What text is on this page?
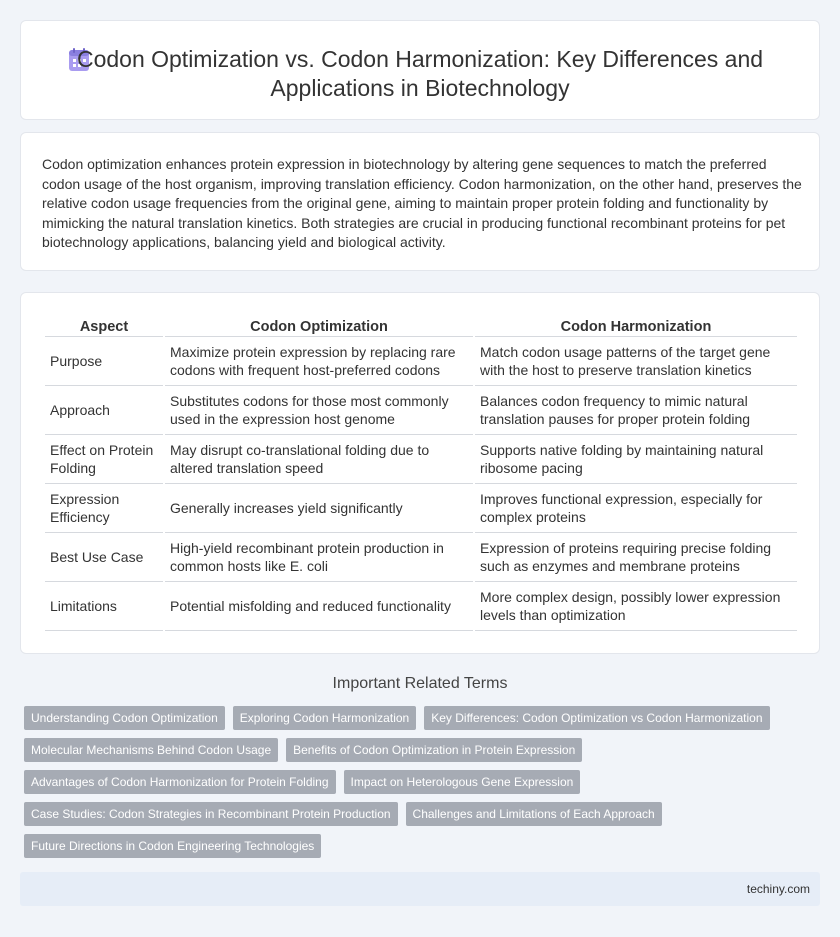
Codon Optimization vs. Codon Harmonization: Key Differences and Applications in Biotechnology

Codon optimization enhances protein expression in biotechnology by altering gene sequences to match the preferred codon usage of the host organism, improving translation efficiency. Codon harmonization, on the other hand, preserves the relative codon usage frequencies from the original gene, aiming to maintain proper protein folding and functionality by mimicking the natural translation kinetics. Both strategies are crucial in producing functional recombinant proteins for pet biotechnology applications, balancing yield and biological activity.

Aspect	Codon Optimization	Codon Harmonization
Purpose	Maximize protein expression by replacing rare codons with frequent host-preferred codons	Match codon usage patterns of the target gene with the host to preserve translation kinetics
Approach	Substitutes codons for those most commonly used in the expression host genome	Balances codon frequency to mimic natural translation pauses for proper protein folding
Effect on Protein Folding	May disrupt co-translational folding due to altered translation speed	Supports native folding by maintaining natural ribosome pacing
Expression Efficiency	Generally increases yield significantly	Improves functional expression, especially for complex proteins
Best Use Case	High-yield recombinant protein production in common hosts like E. coli	Expression of proteins requiring precise folding such as enzymes and membrane proteins
Limitations	Potential misfolding and reduced functionality	More complex design, possibly lower expression levels than optimization
Important Related Terms
Understanding Codon Optimization	Exploring Codon Harmonization	Key Differences: Codon Optimization vs Codon Harmonization
Molecular Mechanisms Behind Codon Usage	Benefits of Codon Optimization in Protein Expression
Advantages of Codon Harmonization for Protein Folding	Impact on Heterologous Gene Expression
Case Studies: Codon Strategies in Recombinant Protein Production	Challenges and Limitations of Each Approach
Future Directions in Codon Engineering Technologies
techiny.com
